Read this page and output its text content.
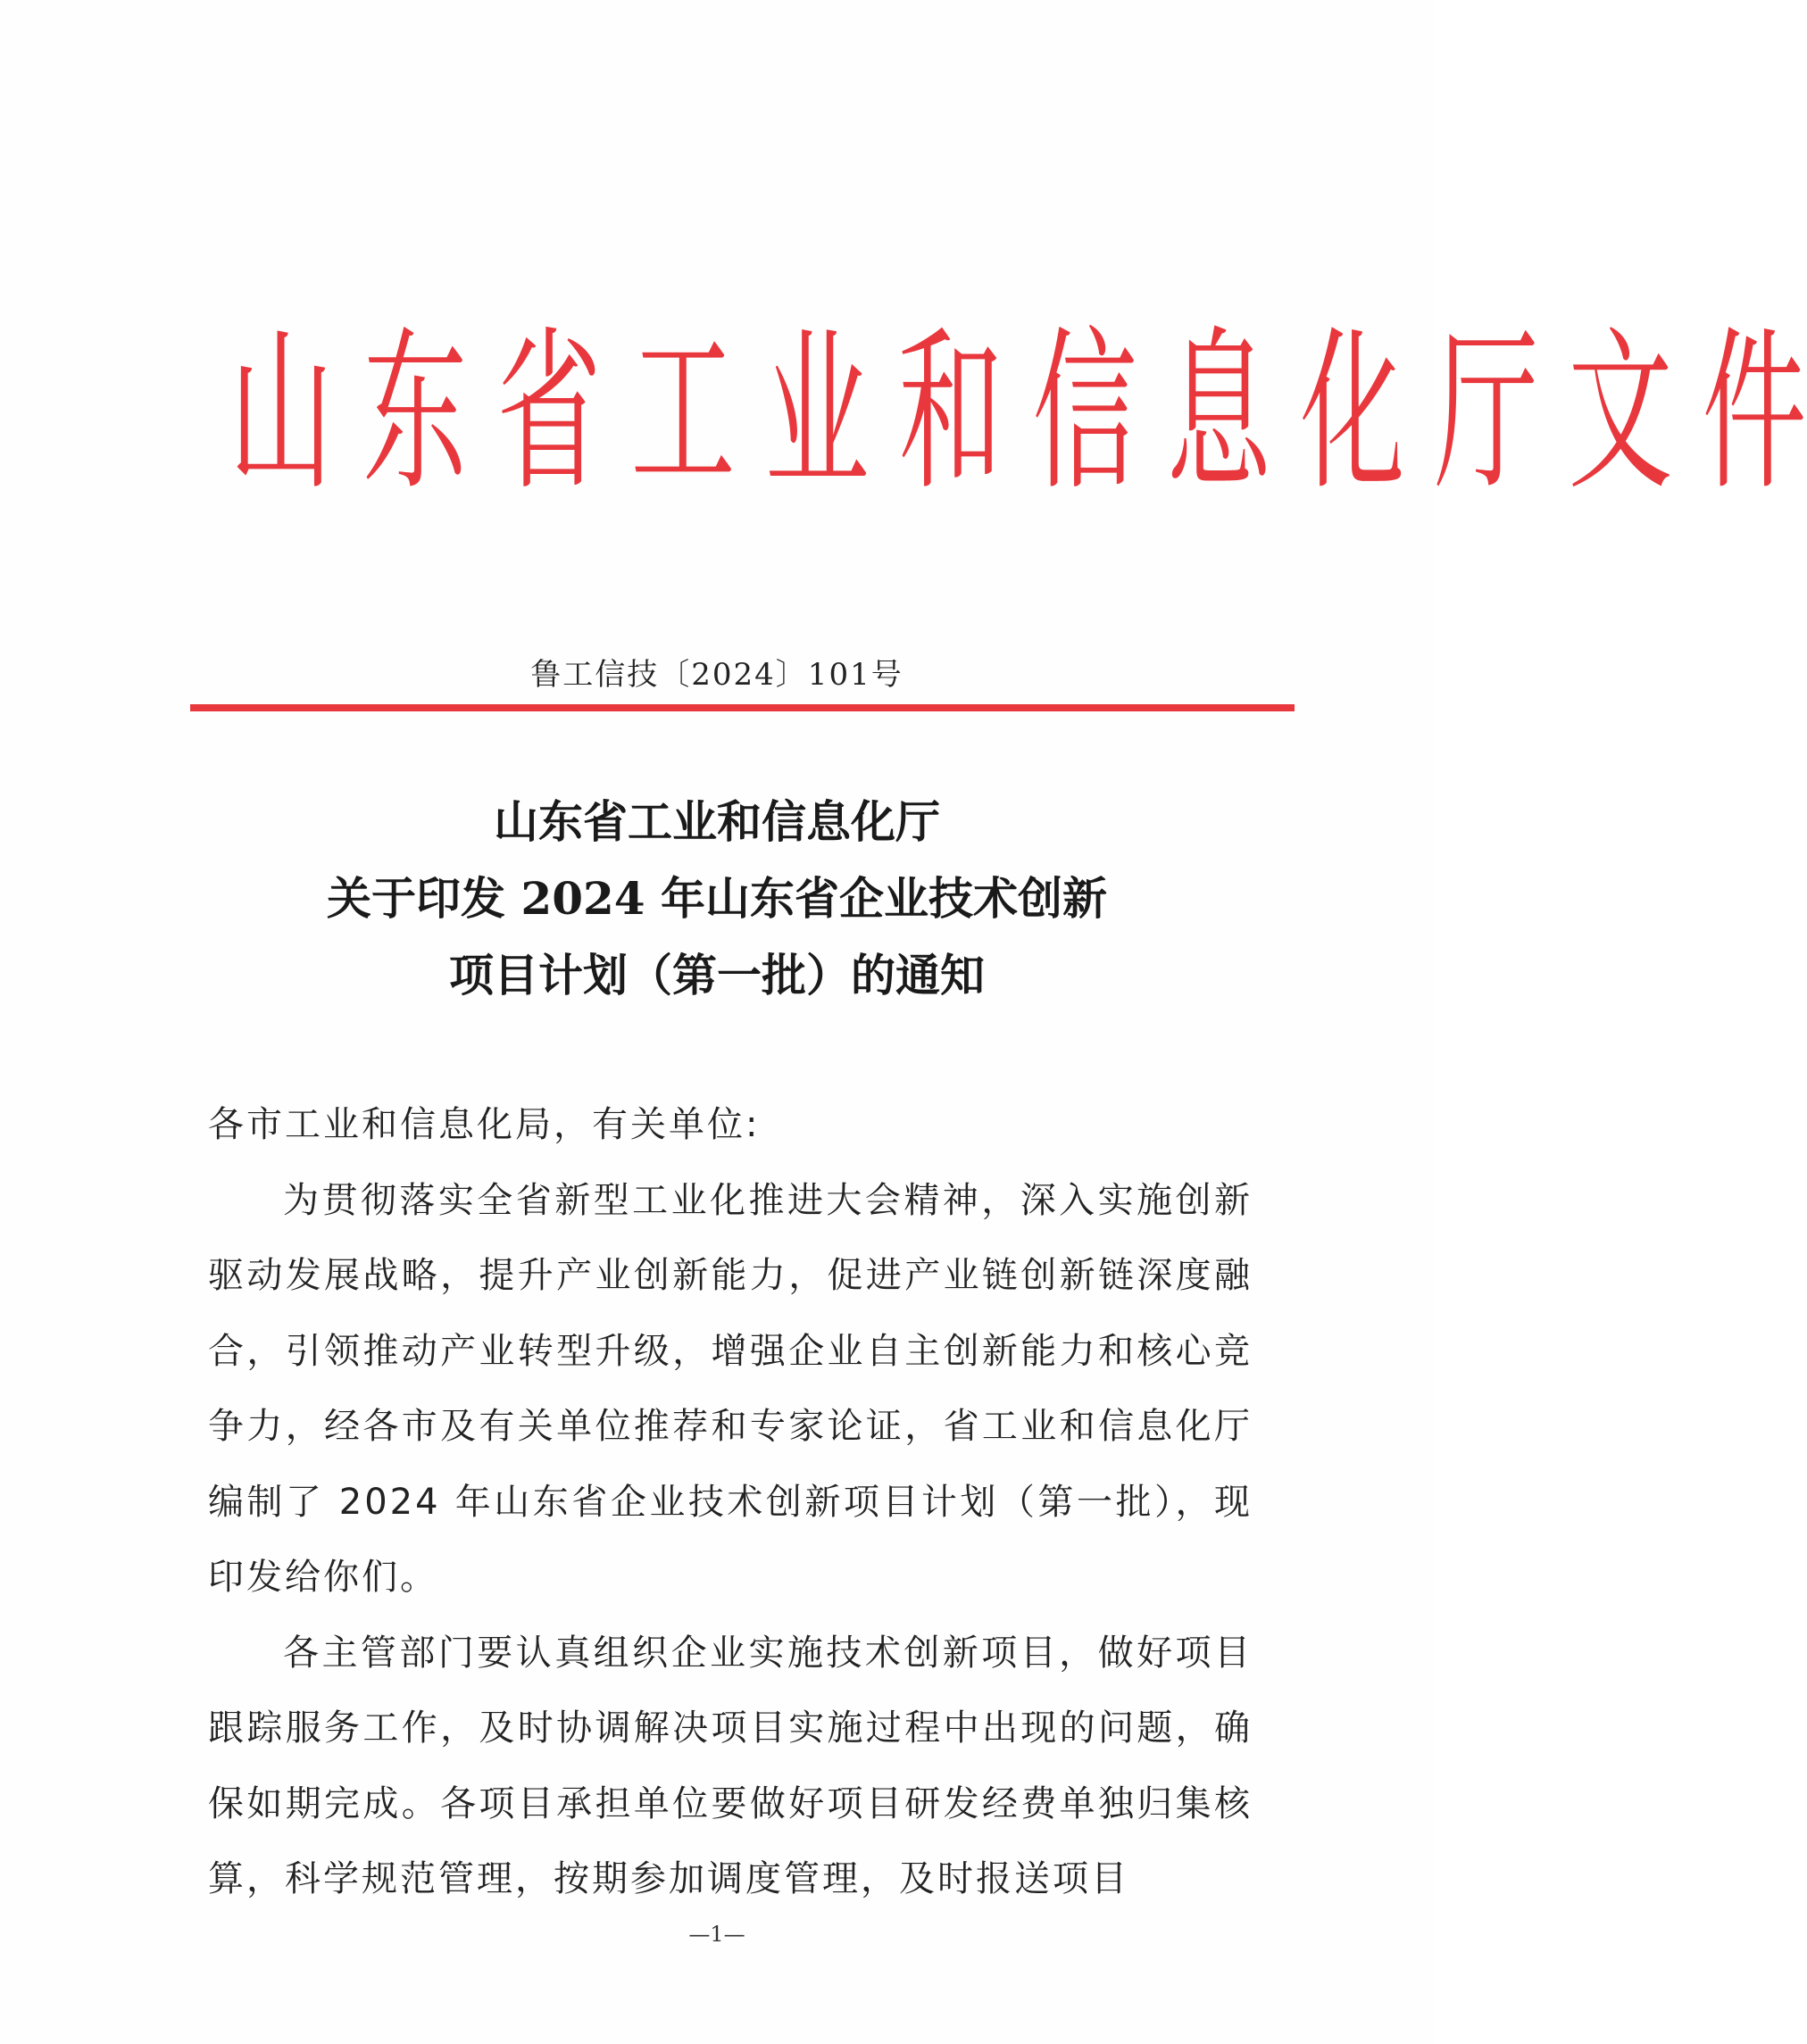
山 东 省 工 业 和 信 息 化 厅 文 件
鲁工信技〔2024〕101号
山东省工业和信息化厅
关于印发 2024 年山东省企业技术创新
项目计划（第一批）的通知

各市工业和信息化局，有关单位:

为贯彻落实全省新型工业化推进大会精神，深入实施创新驱动发展战略，提升产业创新能力，促进产业链创新链深度融合，引领推动产业转型升级，增强企业自主创新能力和核心竞争力，经各市及有关单位推荐和专家论证，省工业和信息化厅编制了 2024 年山东省企业技术创新项目计划（第一批），现印发给你们。

各主管部门要认真组织企业实施技术创新项目，做好项目跟踪服务工作，及时协调解决项目实施过程中出现的问题，确保如期完成。各项目承担单位要做好项目研发经费单独归集核算，科学规范管理，按期参加调度管理，及时报送项目

—1—
